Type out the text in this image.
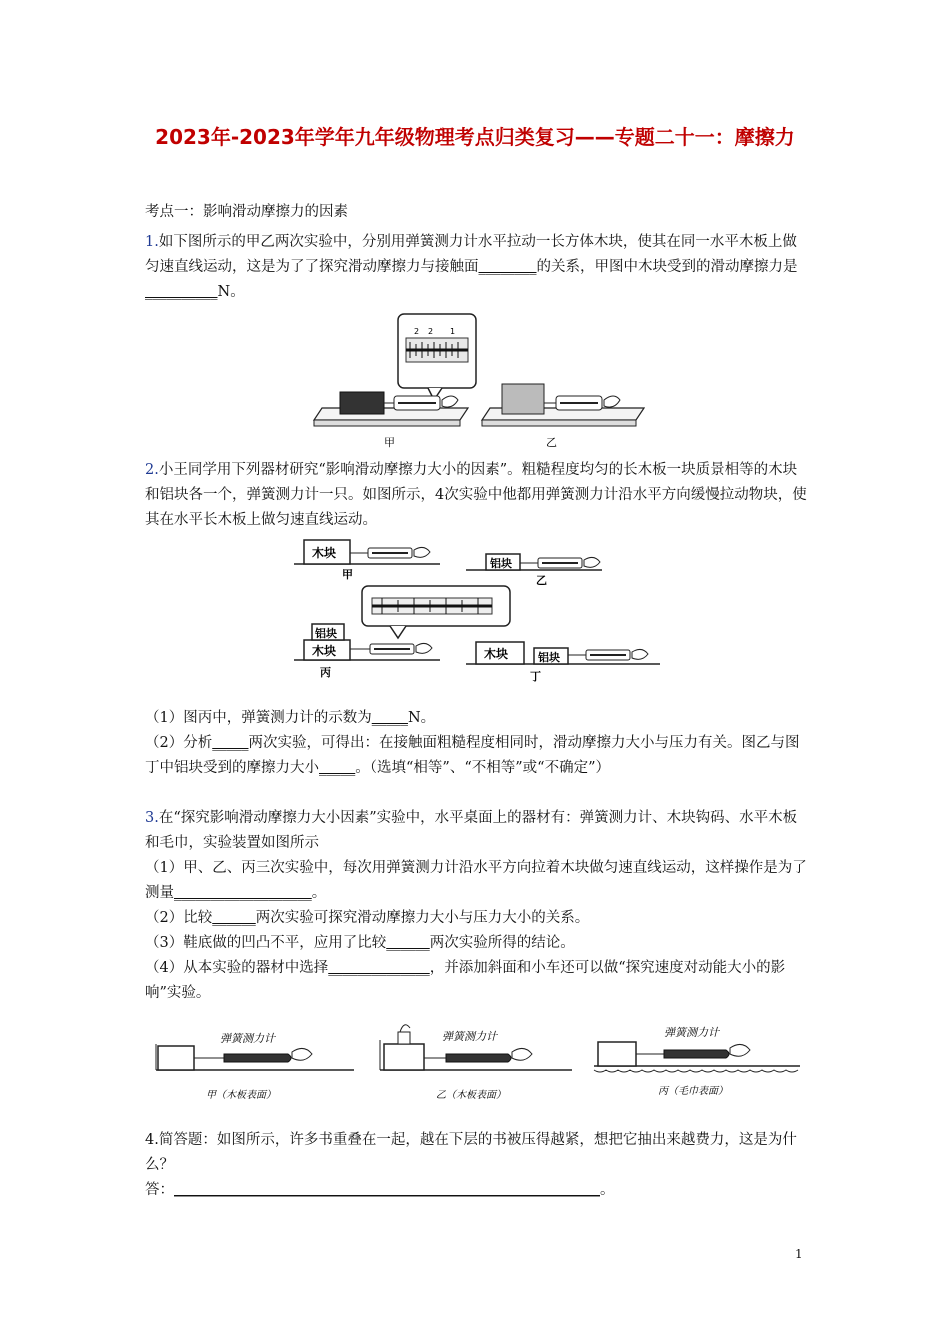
2023年-2023年学年九年级物理考点归类复习——专题二十一：摩擦力

考点一：影响滑动摩擦力的因素

1.如下图所示的甲乙两次实验中，分别用弹簧测力计水平拉动一长方体木块，使其在同一水平木板上做匀速直线运动，这是为了了探究滑动摩擦力与接触面________的关系，甲图中木块受到的滑动摩擦力是__________N。

2 2 1
甲	乙

2.小王同学用下列器材研究“影响滑动摩擦力大小的因素”。粗糙程度均匀的长木板一块质景相等的木块和铝块各一个，弹簧测力计一只。如图所示，4次实验中他都用弹簧测力计沿水平方向缓慢拉动物块，使其在水平长木板上做匀速直线运动。

木块
甲
铝块
乙
木块
铝块
丙
木块	铝块
丁

（1）图丙中，弹簧测力计的示数为_____N。

（2）分析_____两次实验，可得出：在接触面粗糙程度相同时，滑动摩擦力大小与压力有关。图乙与图丁中铝块受到的摩擦力大小_____。（选填“相等”、“不相等”或“不确定”）

3.在“探究影响滑动摩擦力大小因素”实验中，水平桌面上的器材有：弹簧测力计、木块钩码、水平木板和毛巾，实验装置如图所示

（1）甲、乙、丙三次实验中，每次用弹簧测力计沿水平方向拉着木块做匀速直线运动，这样操作是为了测量___________________。

（2）比较______两次实验可探究滑动摩擦力大小与压力大小的关系。

（3）鞋底做的凹凸不平，应用了比较______两次实验所得的结论。

（4）从本实验的器材中选择______________，并添加斜面和小车还可以做“探究速度对动能大小的影响”实验。

弹簧测力计
甲（木板表面）
弹簧测力计
乙（木板表面）
弹簧测力计
丙（毛巾表面）

4.简答题：如图所示，许多书重叠在一起，越在下层的书被压得越紧，想把它抽出来越费力，这是为什么？

答：_______________________________________________________________________。

1
